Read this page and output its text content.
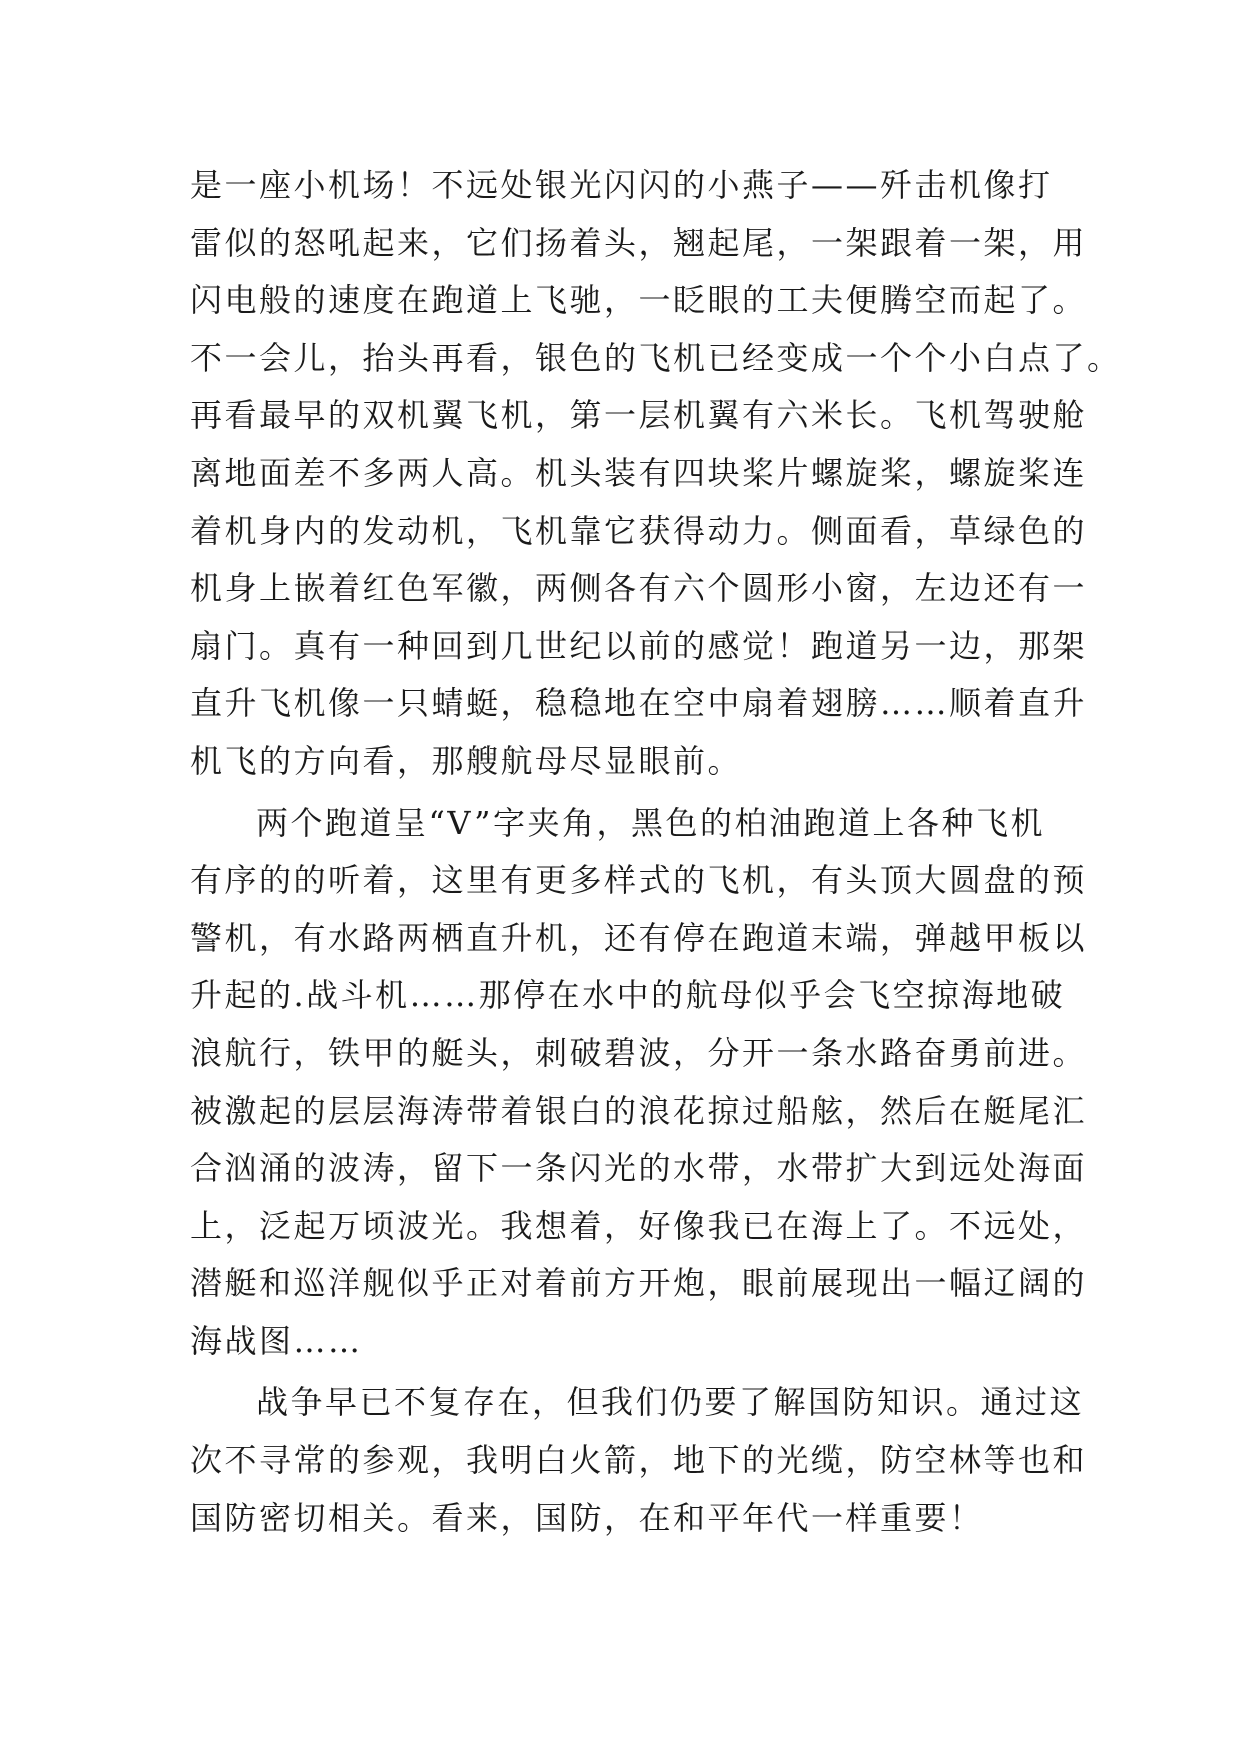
是一座小机场！不远处银光闪闪的小燕子——歼击机像打
雷似的怒吼起来，它们扬着头，翘起尾，一架跟着一架，用
闪电般的速度在跑道上飞驰，一眨眼的工夫便腾空而起了。
不一会儿，抬头再看，银色的飞机已经变成一个个小白点了。
再看最早的双机翼飞机，第一层机翼有六米长。飞机驾驶舱
离地面差不多两人高。机头装有四块桨片螺旋桨，螺旋桨连
着机身内的发动机，飞机靠它获得动力。侧面看，草绿色的
机身上嵌着红色军徽，两侧各有六个圆形小窗，左边还有一
扇门。真有一种回到几世纪以前的感觉！跑道另一边，那架
直升飞机像一只蜻蜓，稳稳地在空中扇着翅膀……顺着直升
机飞的方向看，那艘航母尽显眼前。
两个跑道呈“V”字夹角，黑色的柏油跑道上各种飞机
有序的的听着，这里有更多样式的飞机，有头顶大圆盘的预
警机，有水路两栖直升机，还有停在跑道末端，弹越甲板以
升起的.战斗机……那停在水中的航母似乎会飞空掠海地破
浪航行，铁甲的艇头，刺破碧波，分开一条水路奋勇前进。
被激起的层层海涛带着银白的浪花掠过船舷，然后在艇尾汇
合汹涌的波涛，留下一条闪光的水带，水带扩大到远处海面
上，泛起万顷波光。我想着，好像我已在海上了。不远处，
潜艇和巡洋舰似乎正对着前方开炮，眼前展现出一幅辽阔的
海战图……
战争早已不复存在，但我们仍要了解国防知识。通过这
次不寻常的参观，我明白火箭，地下的光缆，防空林等也和
国防密切相关。看来，国防，在和平年代一样重要！
